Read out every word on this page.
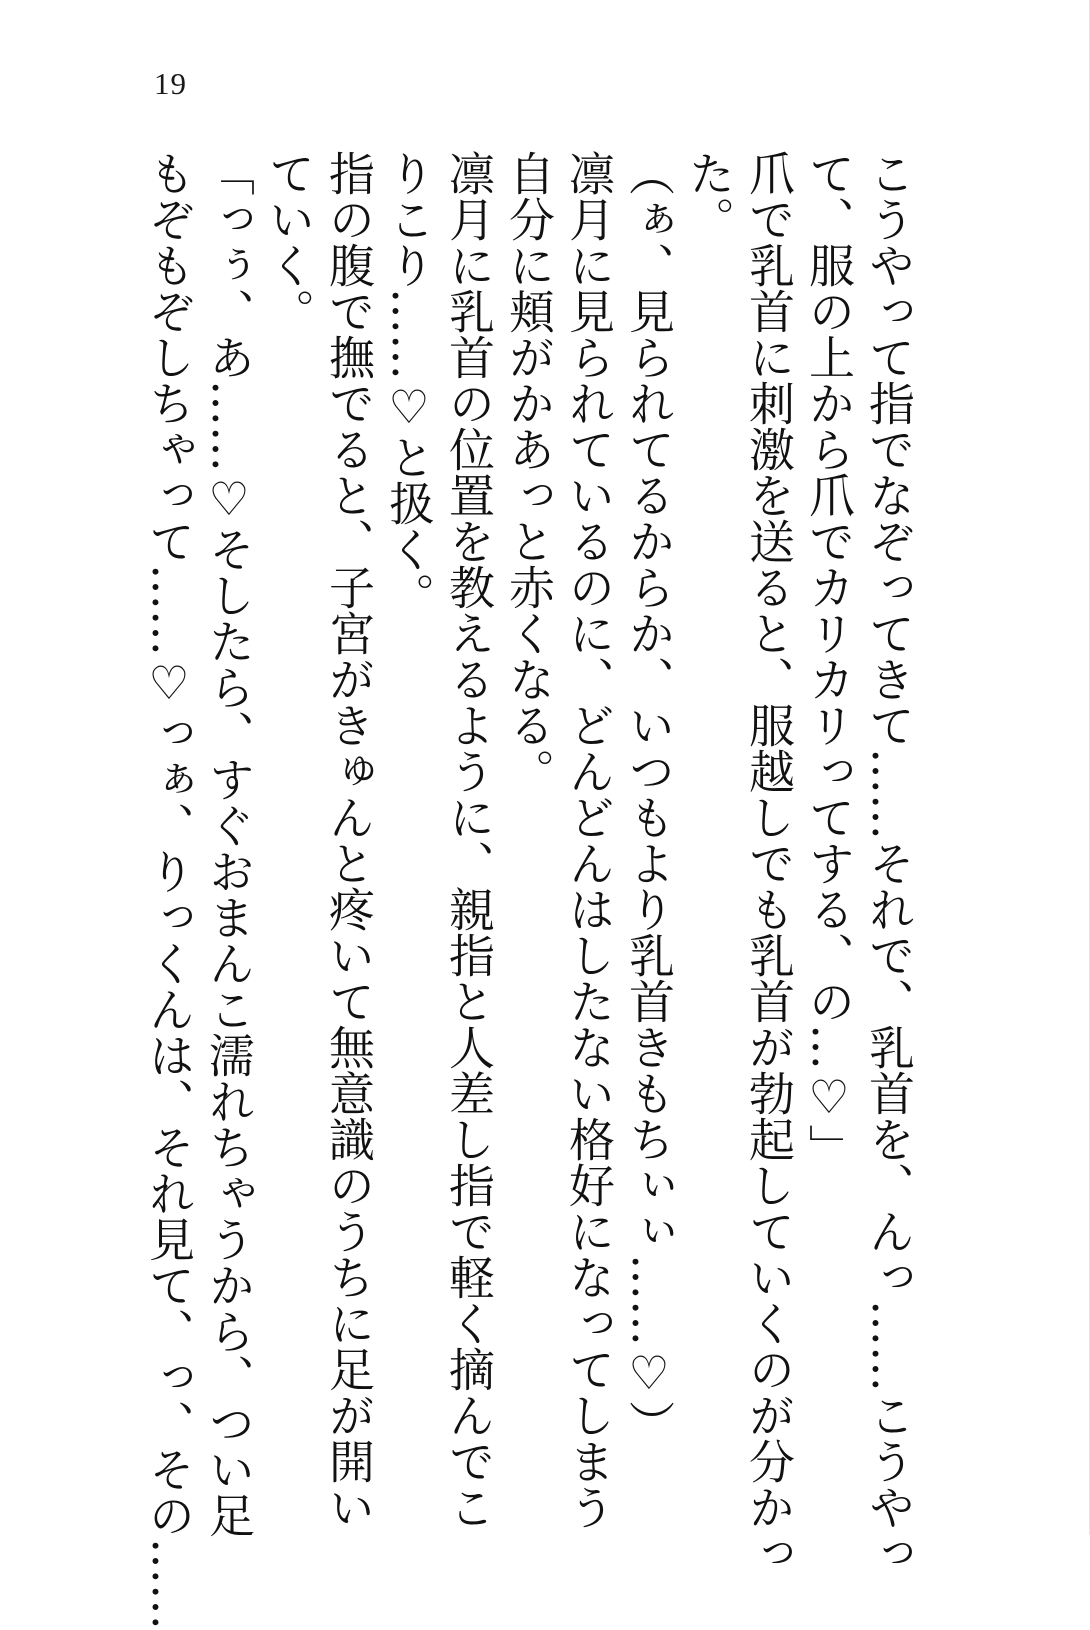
19
こうやって指でなぞってきて……それで、乳首を、んっ……こうやっ
て、服の上から爪でカリカリってする、の…♡」
爪で乳首に刺激を送ると、服越しでも乳首が勃起していくのが分かっ
た。
（ぁ、見られてるからか、いつもより乳首きもちぃぃ……♡）
凛月に見られているのに、どんどんはしたない格好になってしまう
自分に頬がかあっと赤くなる。
凛月に乳首の位置を教えるように、親指と人差し指で軽く摘んでこ
りこり……♡と扱く。
指の腹で撫でると、子宮がきゅんと疼いて無意識のうちに足が開い
ていく。
「っぅ、あ……♡そしたら、すぐおまんこ濡れちゃうから、つい足
もぞもぞしちゃって……♡っぁ、りっくんは、それ見て、っ、その……
